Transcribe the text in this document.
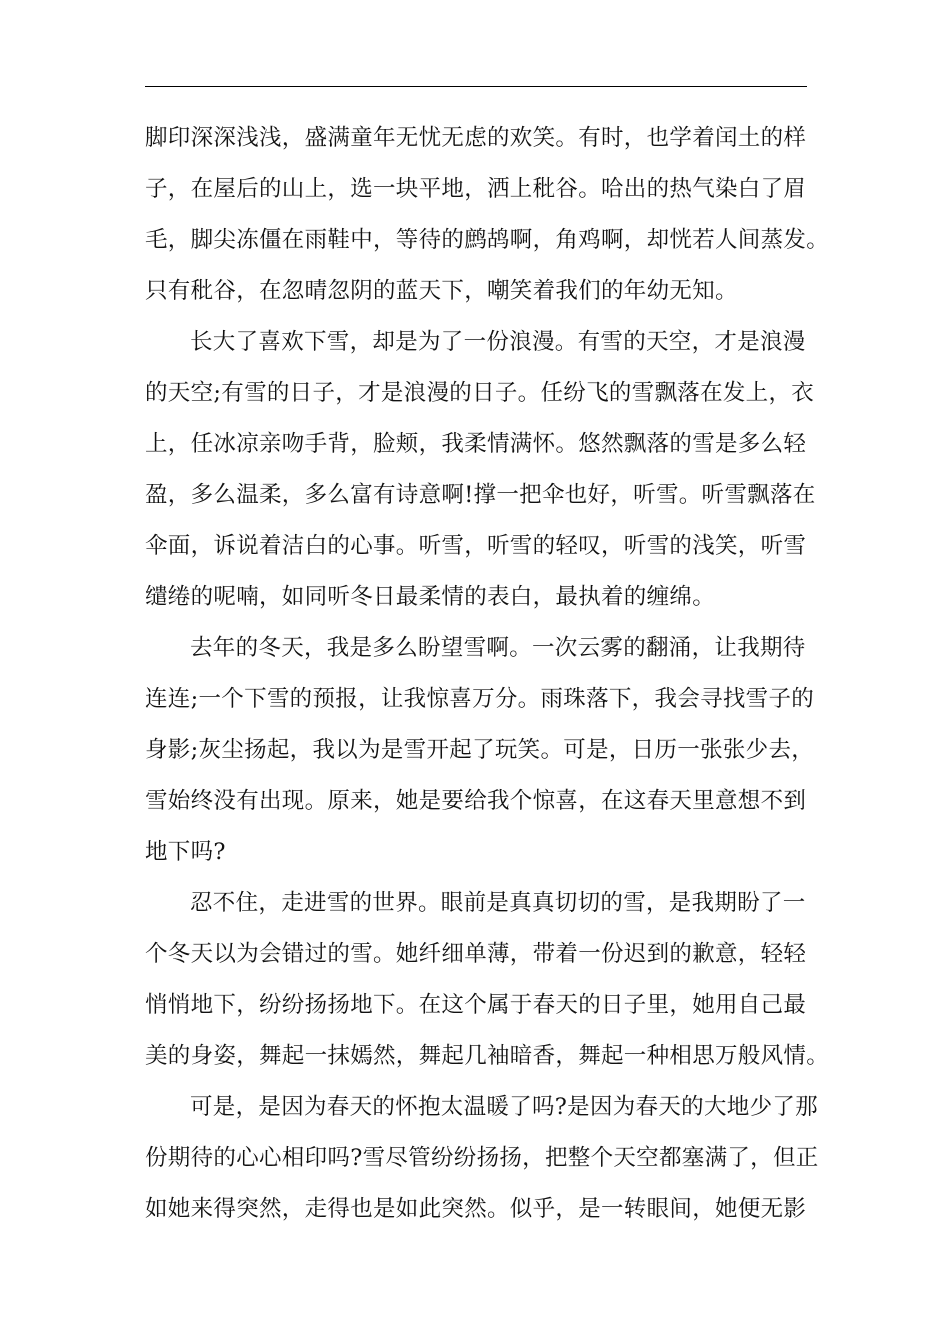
脚印深深浅浅，盛满童年无忧无虑的欢笑。有时，也学着闰土的样
子，在屋后的山上，选一块平地，洒上秕谷。哈出的热气染白了眉
毛，脚尖冻僵在雨鞋中，等待的鹧鸪啊，角鸡啊，却恍若人间蒸发。
只有秕谷，在忽晴忽阴的蓝天下，嘲笑着我们的年幼无知。
长大了喜欢下雪，却是为了一份浪漫。有雪的天空，才是浪漫
的天空;有雪的日子，才是浪漫的日子。任纷飞的雪飘落在发上，衣
上，任冰凉亲吻手背，脸颊，我柔情满怀。悠然飘落的雪是多么轻
盈，多么温柔，多么富有诗意啊!撑一把伞也好，听雪。听雪飘落在
伞面，诉说着洁白的心事。听雪，听雪的轻叹，听雪的浅笑，听雪
缱绻的呢喃，如同听冬日最柔情的表白，最执着的缠绵。
去年的冬天，我是多么盼望雪啊。一次云雾的翻涌，让我期待
连连;一个下雪的预报，让我惊喜万分。雨珠落下，我会寻找雪子的
身影;灰尘扬起，我以为是雪开起了玩笑。可是，日历一张张少去，
雪始终没有出现。原来，她是要给我个惊喜，在这春天里意想不到
地下吗?
忍不住，走进雪的世界。眼前是真真切切的雪，是我期盼了一
个冬天以为会错过的雪。她纤细单薄，带着一份迟到的歉意，轻轻
悄悄地下，纷纷扬扬地下。在这个属于春天的日子里，她用自己最
美的身姿，舞起一抹嫣然，舞起几袖暗香，舞起一种相思万般风情。
可是，是因为春天的怀抱太温暖了吗?是因为春天的大地少了那
份期待的心心相印吗?雪尽管纷纷扬扬，把整个天空都塞满了，但正
如她来得突然，走得也是如此突然。似乎，是一转眼间，她便无影
